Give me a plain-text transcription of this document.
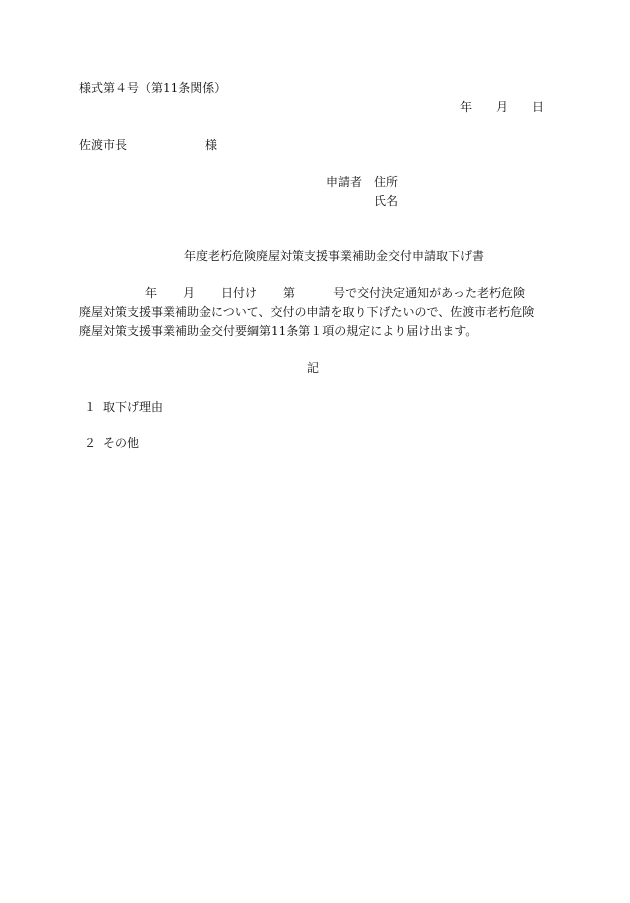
様式第４号（第11条関係）
年 月 日
佐渡市長	様
申請者 住所
氏名
年度老朽危険廃屋対策支援事業補助金交付申請取下げ書
年 月 日付け 第	号で交付決定通知があった老朽危険
廃屋対策支援事業補助金について、交付の申請を取り下げたいので、佐渡市老朽危険
廃屋対策支援事業補助金交付要綱第11条第１項の規定により届け出ます。
記
１ 取下げ理由
２ その他
